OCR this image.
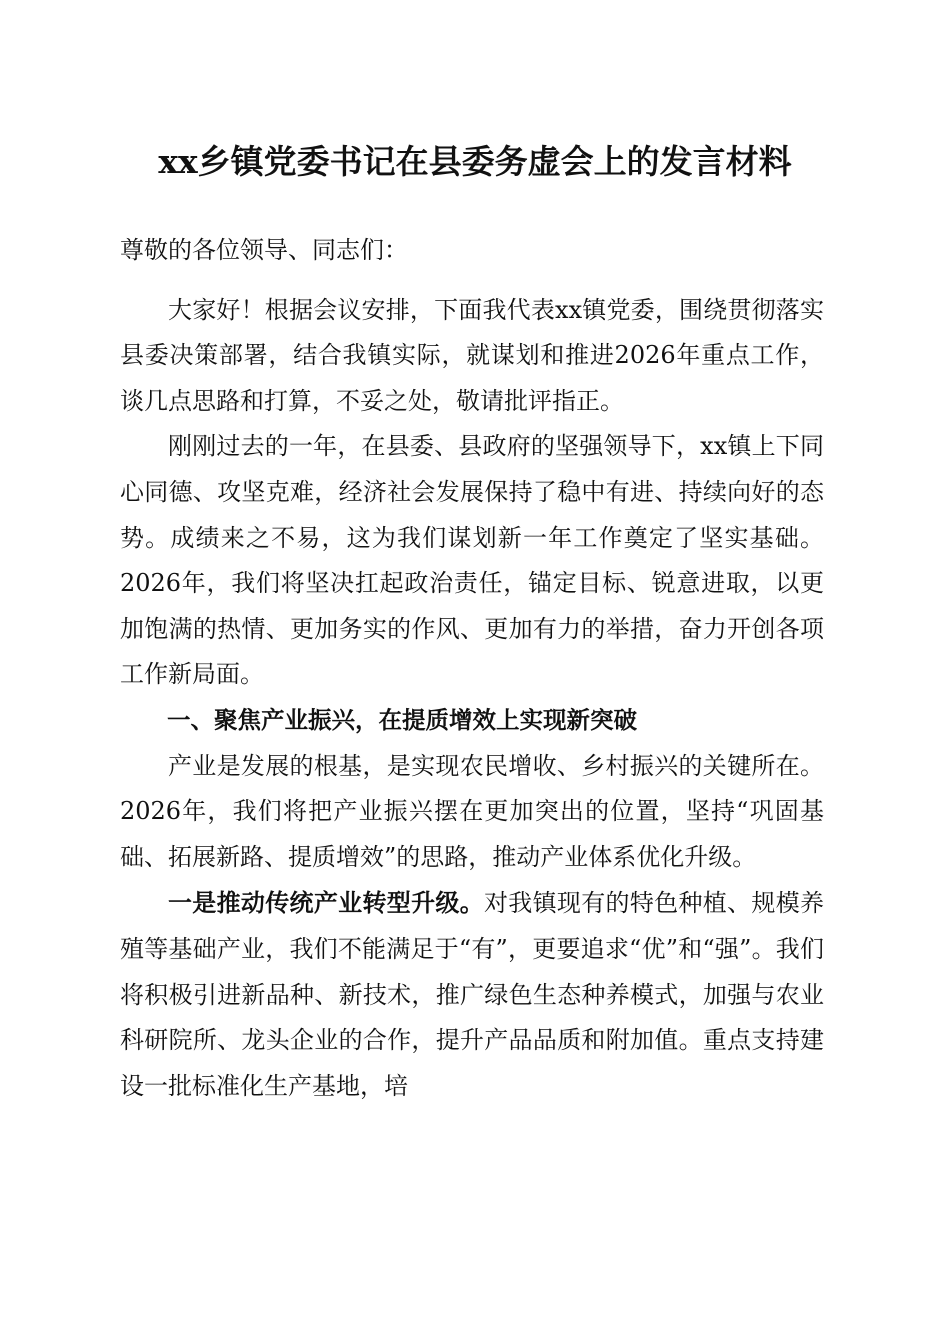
xx乡镇党委书记在县委务虚会上的发言材料

尊敬的各位领导、同志们：

大家好！根据会议安排，下面我代表xx镇党委，围绕贯彻落实县委决策部署，结合我镇实际，就谋划和推进2026年重点工作，谈几点思路和打算，不妥之处，敬请批评指正。

刚刚过去的一年，在县委、县政府的坚强领导下，xx镇上下同心同德、攻坚克难，经济社会发展保持了稳中有进、持续向好的态势。成绩来之不易，这为我们谋划新一年工作奠定了坚实基础。2026年，我们将坚决扛起政治责任，锚定目标、锐意进取，以更加饱满的热情、更加务实的作风、更加有力的举措，奋力开创各项工作新局面。

一、聚焦产业振兴，在提质增效上实现新突破

产业是发展的根基，是实现农民增收、乡村振兴的关键所在。2026年，我们将把产业振兴摆在更加突出的位置，坚持“巩固基础、拓展新路、提质增效”的思路，推动产业体系优化升级。

一是推动传统产业转型升级。对我镇现有的特色种植、规模养殖等基础产业，我们不能满足于“有”，更要追求“优”和“强”。我们将积极引进新品种、新技术，推广绿色生态种养模式，加强与农业科研院所、龙头企业的合作，提升产品品质和附加值。重点支持建设一批标准化生产基地，培
